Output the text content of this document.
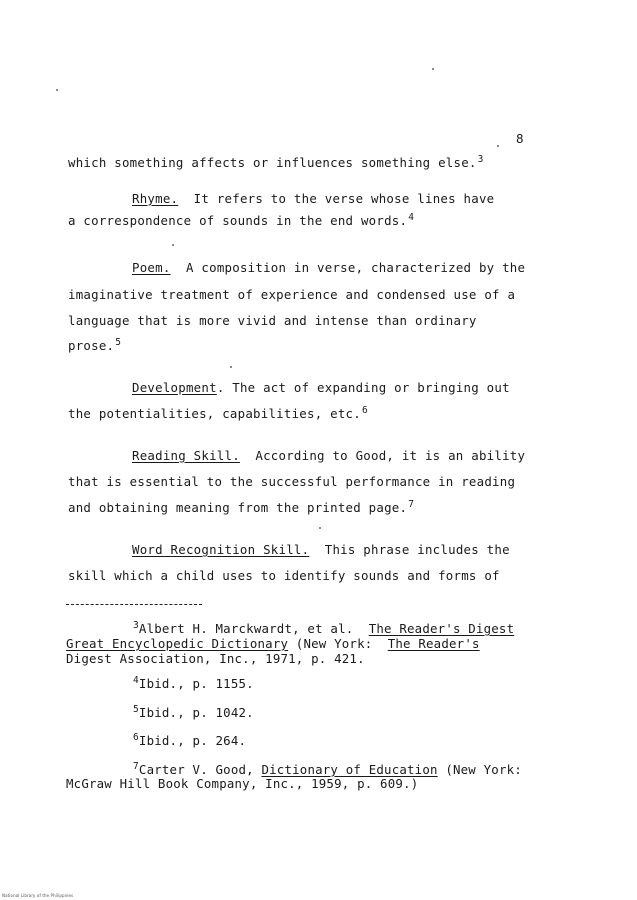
8
which something affects or influences something else.$^3$
Rhyme.  It refers to the verse whose lines have
a correspondence of sounds in the end words.$^4$
Poem.  A composition in verse, characterized by the
imaginative treatment of experience and condensed use of a
language that is more vivid and intense than ordinary
prose.$^5$
Development. The act of expanding or bringing out
the potentialities, capabilities, etc.$^6$
Reading Skill.  According to Good, it is an ability
that is essential to the successful performance in reading
and obtaining meaning from the printed page.$^7$
Word Recognition Skill.  This phrase includes the
skill which a child uses to identify sounds and forms of
$^3$Albert H. Marckwardt, et al.  The Reader's Digest
Great Encyclopedic Dictionary (New York:  The Reader's
Digest Association, Inc., 1971, p. 421.
$^4$Ibid., p. 1155.
$^5$Ibid., p. 1042.
$^6$Ibid., p. 264.
$^7$Carter V. Good, Dictionary of Education (New York:
McGraw Hill Book Company, Inc., 1959, p. 609.)
National Library of the Philippines
